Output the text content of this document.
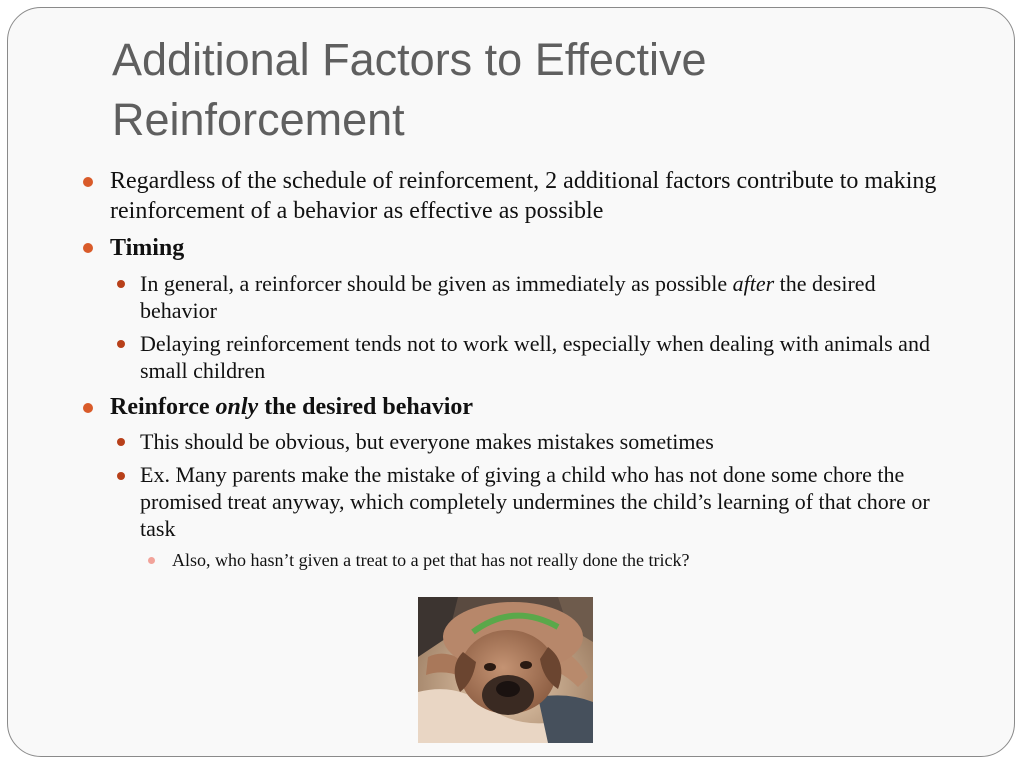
Additional Factors to Effective Reinforcement
Regardless of the schedule of reinforcement, 2 additional factors contribute to making reinforcement of a behavior as effective as possible
Timing
In general, a reinforcer should be given as immediately as possible after the desired behavior
Delaying reinforcement tends not to work well, especially when dealing with animals and small children
Reinforce only the desired behavior
This should be obvious, but everyone makes mistakes sometimes
Ex. Many parents make the mistake of giving a child who has not done some chore the promised treat anyway, which completely undermines the child’s learning of that chore or task
Also, who hasn’t given a treat to a pet that has not really done the trick?
